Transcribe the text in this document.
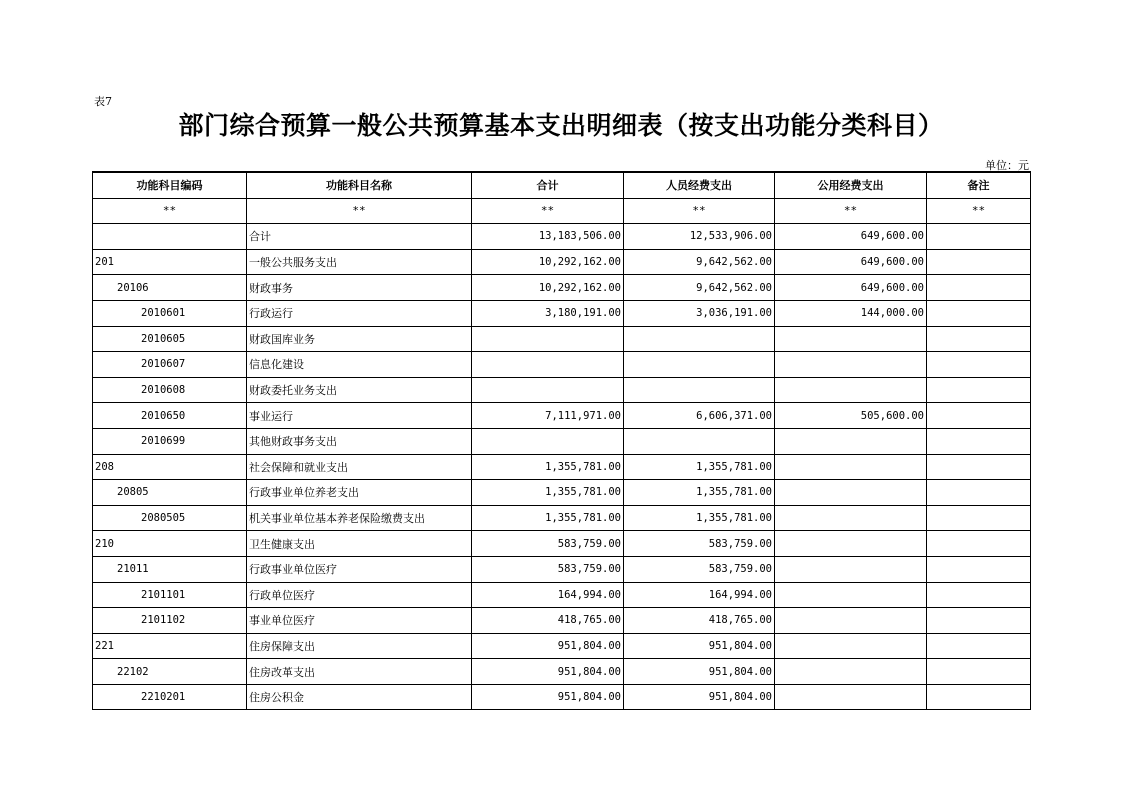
表7
部门综合预算一般公共预算基本支出明细表（按支出功能分类科目）
单位：元
功能科目编码	功能科目名称	合计	人员经费支出	公用经费支出	备注
**	**	**	**	**	**
	合计	13,183,506.00	12,533,906.00	649,600.00	
201	一般公共服务支出	10,292,162.00	9,642,562.00	649,600.00	
20106	财政事务	10,292,162.00	9,642,562.00	649,600.00	
2010601	行政运行	3,180,191.00	3,036,191.00	144,000.00	
2010605	财政国库业务				
2010607	信息化建设				
2010608	财政委托业务支出				
2010650	事业运行	7,111,971.00	6,606,371.00	505,600.00	
2010699	其他财政事务支出				
208	社会保障和就业支出	1,355,781.00	1,355,781.00		
20805	行政事业单位养老支出	1,355,781.00	1,355,781.00		
2080505	机关事业单位基本养老保险缴费支出	1,355,781.00	1,355,781.00		
210	卫生健康支出	583,759.00	583,759.00		
21011	行政事业单位医疗	583,759.00	583,759.00		
2101101	行政单位医疗	164,994.00	164,994.00		
2101102	事业单位医疗	418,765.00	418,765.00		
221	住房保障支出	951,804.00	951,804.00		
22102	住房改革支出	951,804.00	951,804.00		
2210201	住房公积金	951,804.00	951,804.00		
